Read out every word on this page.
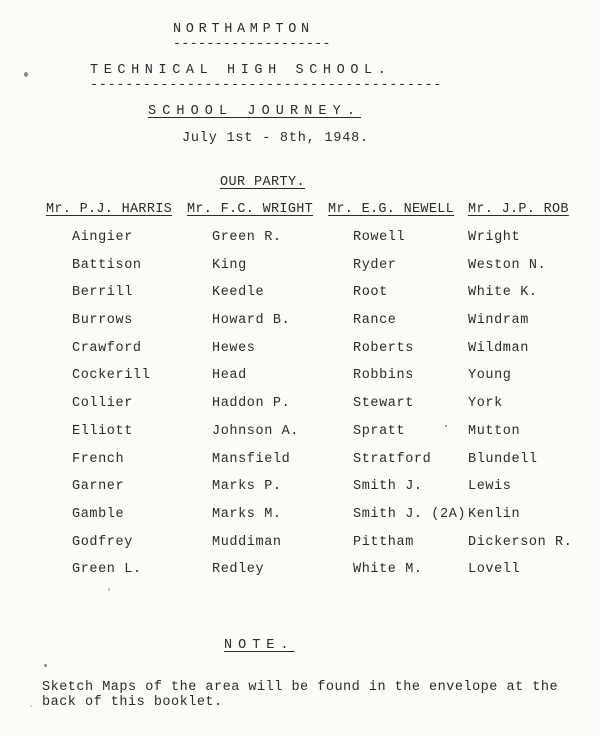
NORTHAMPTON
-------------------
TECHNICAL HIGH SCHOOL.
----------------------------------------
SCHOOL JOURNEY.
July 1st - 8th, 1948.
OUR PARTY.
Mr. P.J. HARRIS Mr. F.C. WRIGHT Mr. E.G. NEWELL Mr. J.P. ROB
Aingier
Battison
Berrill
Burrows
Crawford
Cockerill
Collier
Elliott
French
Garner
Gamble
Godfrey
Green L.
Green R.
King
Keedle
Howard B.
Hewes
Head
Haddon P.
Johnson A.
Mansfield
Marks P.
Marks M.
Muddiman
Redley
Rowell
Ryder
Root
Rance
Roberts
Robbins
Stewart
Spratt
Stratford
Smith J.
Smith J. (2A)
Pittham
White M.
Wright
Weston N.
White K.
Windram
Wildman
Young
York
Mutton
Blundell
Lewis
Kenlin
Dickerson R.
Lovell
NOTE.
Sketch Maps of the area will be found in the envelope at the back of this booklet.
